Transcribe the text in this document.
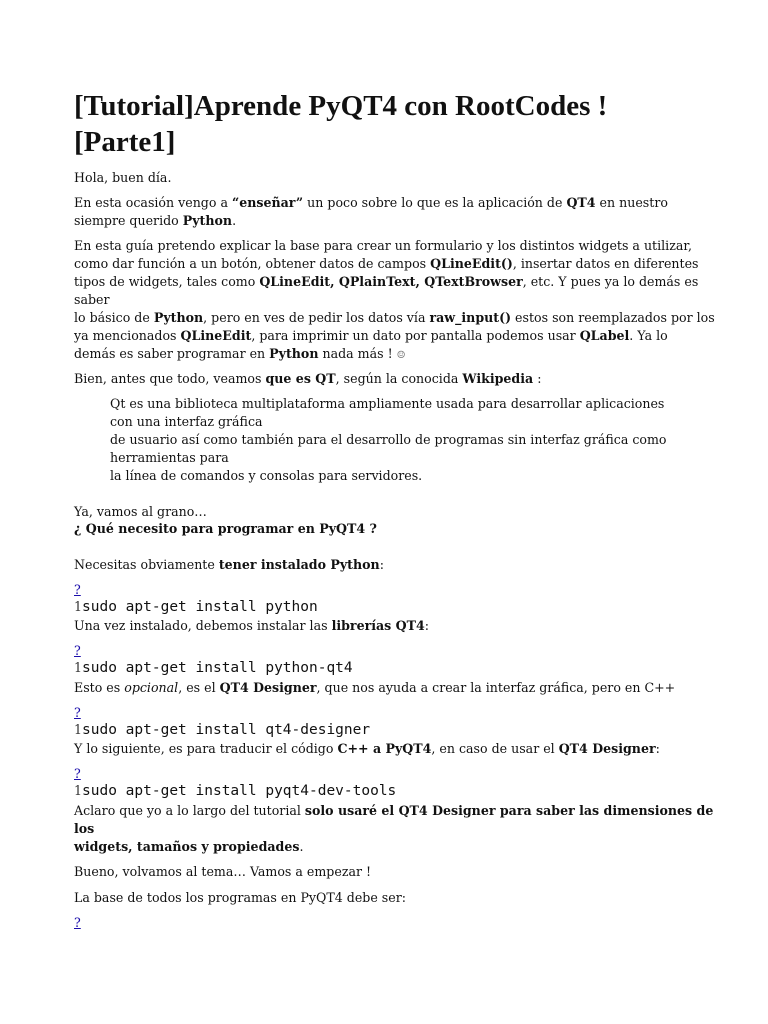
[Tutorial]Aprende PyQT4 con RootCodes ! [Parte1]

Hola, buen día.

En esta ocasión vengo a “enseñar” un poco sobre lo que es la aplicación de QT4 en nuestro
siempre querido Python.

En esta guía pretendo explicar la base para crear un formulario y los distintos widgets a utilizar,
como dar función a un botón, obtener datos de campos QLineEdit(), insertar datos en diferentes
tipos de widgets, tales como QLineEdit, QPlainText, QTextBrowser, etc. Y pues ya lo demás es
saber
lo básico de Python, pero en ves de pedir los datos vía raw_input() estos son reemplazados por los
ya mencionados QLineEdit, para imprimir un dato por pantalla podemos usar QLabel. Ya lo
demás es saber programar en Python nada más ! ☺

Bien, antes que todo, veamos que es QT, según la conocida Wikipedia :

Qt es una biblioteca multiplataforma ampliamente usada para desarrollar aplicaciones
con una interfaz gráfica
de usuario así como también para el desarrollo de programas sin interfaz gráfica como
herramientas para
la línea de comandos y consolas para servidores.

Ya, vamos al grano…

¿ Qué necesito para programar en PyQT4 ?

Necesitas obviamente tener instalado Python:

?
1sudo apt-get install python

Una vez instalado, debemos instalar las librerías QT4:

?
1sudo apt-get install python-qt4

Esto es opcional, es el QT4 Designer, que nos ayuda a crear la interfaz gráfica, pero en C++

?
1sudo apt-get install qt4-designer

Y lo siguiente, es para traducir el código C++ a PyQT4, en caso de usar el QT4 Designer:

?
1sudo apt-get install pyqt4-dev-tools

Aclaro que yo a lo largo del tutorial solo usaré el QT4 Designer para saber las dimensiones de
los
widgets, tamaños y propiedades.

Bueno, volvamos al tema… Vamos a empezar !

La base de todos los programas en PyQT4 debe ser:

?
